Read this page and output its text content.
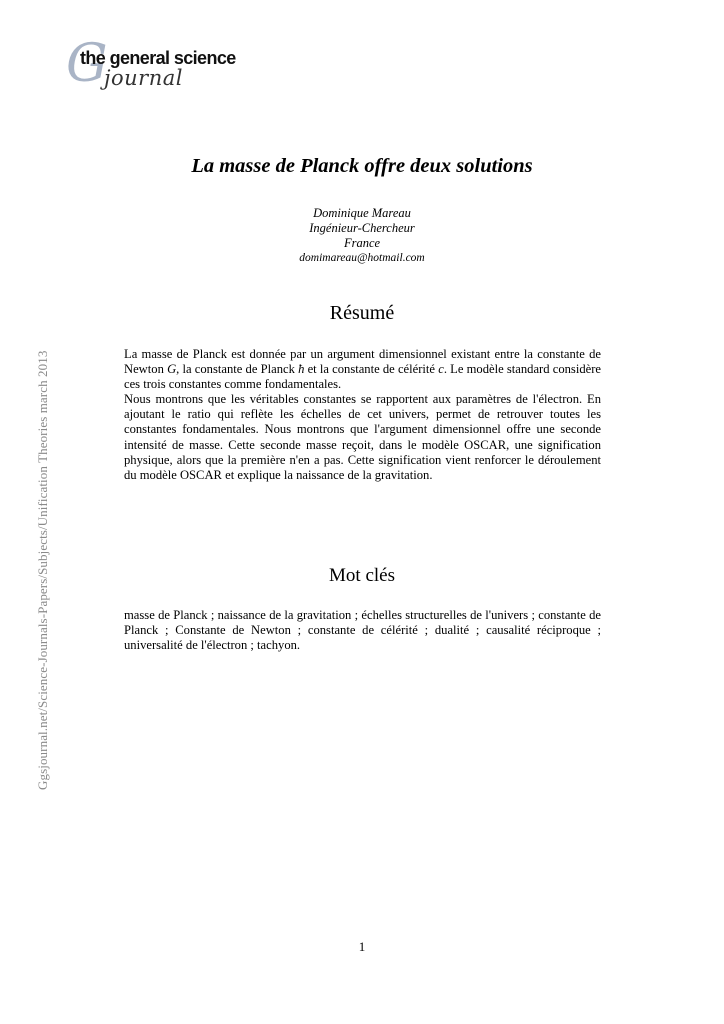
G
the general science
journal
Ggsjournal.net/Science-Journals-Papers/Subjects/Unification Theories march 2013
La masse de Planck offre deux solutions
Dominique Mareau
Ingénieur-Chercheur
France
domimareau@hotmail.com
Résumé

La masse de Planck est donnée par un argument dimensionnel existant entre la constante de Newton G, la constante de Planck ħ et la constante de célérité c. Le modèle standard considère ces trois constantes comme fondamentales.

Nous montrons que les véritables constantes se rapportent aux paramètres de l'électron. En ajoutant le ratio qui reflète les échelles de cet univers, permet de retrouver toutes les constantes fondamentales. Nous montrons que l'argument dimensionnel offre une seconde intensité de masse. Cette seconde masse reçoit, dans le modèle OSCAR, une signification physique, alors que la première n'en a pas. Cette signification vient renforcer le déroulement du modèle OSCAR et explique la naissance de la gravitation.

Mot clés

masse de Planck ; naissance de la gravitation ; échelles structurelles de l'univers ; constante de Planck ; Constante de Newton ; constante de célérité ; dualité ; causalité réciproque ; universalité de l'électron ; tachyon.

1
